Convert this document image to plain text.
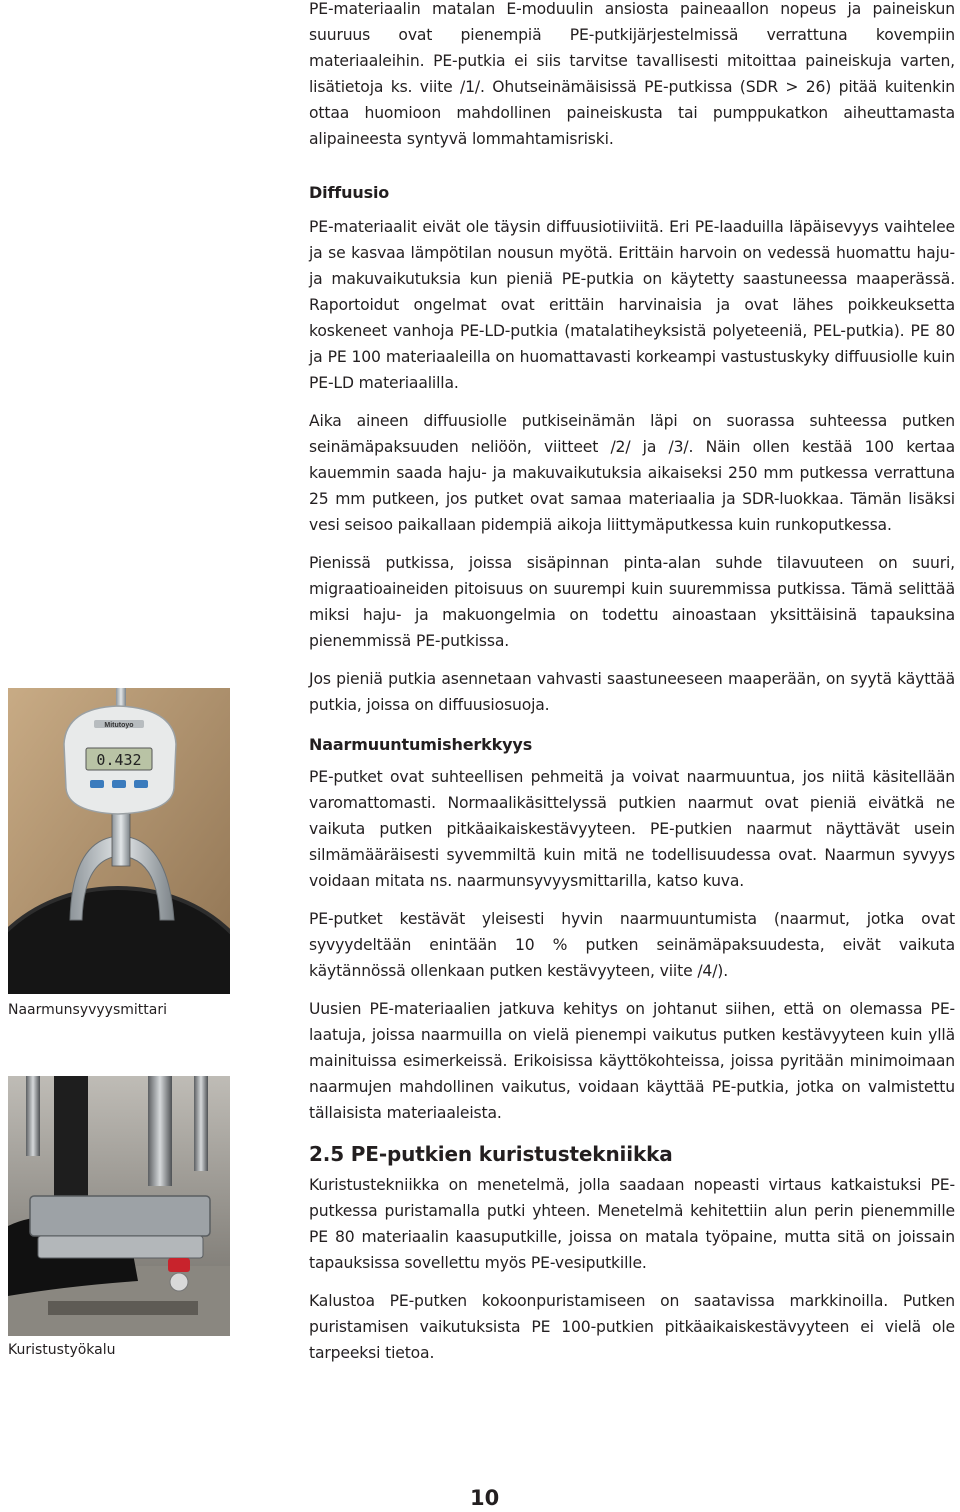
PE-materiaalin matalan E-moduulin ansiosta paineaallon nopeus ja paineiskun suuruus ovat pienempiä PE-putkijärjestelmissä verrattuna kovempiin materiaaleihin. PE-putkia ei siis tarvitse tavallisesti mitoittaa paineiskuja varten, lisätietoja ks. viite /1/. Ohutseinämäisissä PE-putkissa (SDR > 26) pitää kuitenkin ottaa huomioon mahdollinen paineiskusta tai pumppukatkon aiheuttamasta alipaineesta syntyvä lommahtamisriski.

Diffuusio

PE-materiaalit eivät ole täysin diffuusiotiiviitä. Eri PE-laaduilla läpäisevyys vaihtelee ja se kasvaa lämpötilan nousun myötä. Erittäin harvoin on vedessä huomattu haju- ja makuvaikutuksia kun pieniä PE-putkia on käytetty saastuneessa maaperässä. Raportoidut ongelmat ovat erittäin harvinaisia ja ovat lähes poikkeuksetta koskeneet vanhoja PE-LD-putkia (matalatiheyksistä polyeteeniä, PEL-putkia). PE 80 ja PE 100 materiaaleilla on huomattavasti korkeampi vastustuskyky diffuusiolle kuin PE-LD materiaalilla.

Aika aineen diffuusiolle putkiseinämän läpi on suorassa suhteessa putken seinämäpaksuuden neliöön, viitteet /2/ ja /3/. Näin ollen kestää 100 kertaa kauemmin saada haju- ja makuvaikutuksia aikaiseksi 250 mm putkessa verrattuna 25 mm putkeen, jos putket ovat samaa materiaalia ja SDR-luokkaa. Tämän lisäksi vesi seisoo paikallaan pidempiä aikoja liittymäputkessa kuin runkoputkessa.

Pienissä putkissa, joissa sisäpinnan pinta-alan suhde tilavuuteen on suuri, migraatioaineiden pitoisuus on suurempi kuin suuremmissa putkissa. Tämä selittää miksi haju- ja makuongelmia on todettu ainoastaan yksittäisinä tapauksina pienemmissä PE-putkissa.

Jos pieniä putkia asennetaan vahvasti saastuneeseen maaperään, on syytä käyttää putkia, joissa on diffuusiosuoja.

Naarmuuntumisherkkyys

PE-putket ovat suhteellisen pehmeitä ja voivat naarmuuntua, jos niitä käsitellään varomattomasti. Normaalikäsittelyssä putkien naarmut ovat pieniä eivätkä ne vaikuta putken pitkäaikaiskestävyyteen. PE-putkien naarmut näyttävät usein silmämääräisesti syvemmiltä kuin mitä ne todellisuudessa ovat. Naarmun syvyys voidaan mitata ns. naarmunsyvyysmittarilla, katso kuva.

PE-putket kestävät yleisesti hyvin naarmuuntumista (naarmut, jotka ovat syvyydeltään enintään 10 % putken seinämäpaksuudesta, eivät vaikuta käytännössä ollenkaan putken kestävyyteen, viite /4/).

Uusien PE-materiaalien jatkuva kehitys on johtanut siihen, että on olemassa PE-laatuja, joissa naarmuilla on vielä pienempi vaikutus putken kestävyyteen kuin yllä mainituissa esimerkeissä. Erikoisissa käyttökohteissa, joissa pyritään minimoimaan naarmujen mahdollinen vaikutus, voidaan käyttää PE-putkia, jotka on valmistettu tällaisista materiaaleista.

2.5 PE-putkien kuristustekniikka

Kuristustekniikka on menetelmä, jolla saadaan nopeasti virtaus katkaistuksi PE-putkessa puristamalla putki yhteen. Menetelmä kehitettiin alun perin pienemmille PE 80 materiaalin kaasuputkille, joissa on matala työpaine, mutta sitä on joissain tapauksissa sovellettu myös PE-vesiputkille.

Kalustoa PE-putken kokoonpuristamiseen on saatavissa markkinoilla. Putken puristamisen vaikutuksista PE 100-putkien pitkäaikaiskestävyyteen ei vielä ole tarpeeksi tietoa.

Mitutoyo
0.432
Naarmunsyvyysmittari
Kuristustyökalu
10
